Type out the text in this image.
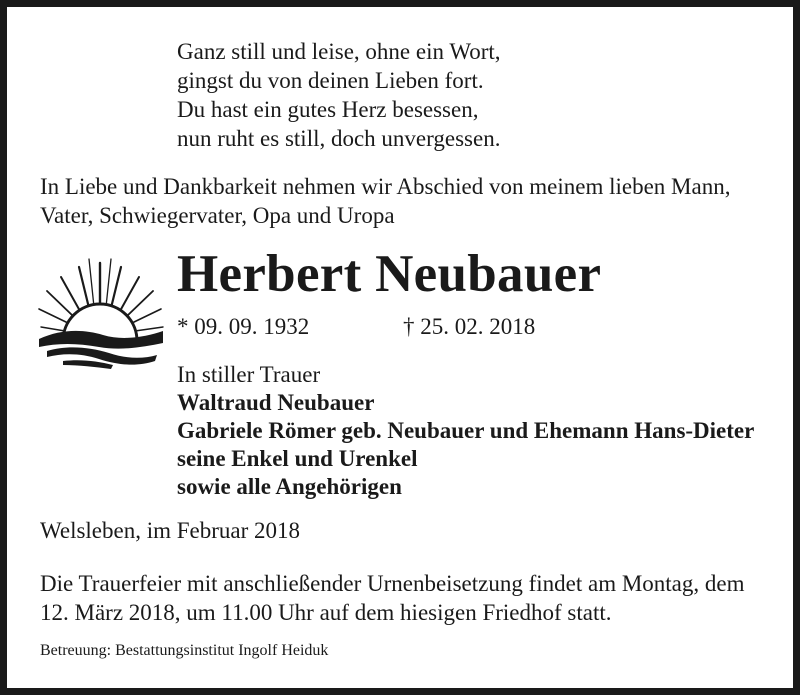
Ganz still und leise, ohne ein Wort,
gingst du von deinen Lieben fort.
Du hast ein gutes Herz besessen,
nun ruht es still, doch unvergessen.
In Liebe und Dankbarkeit nehmen wir Abschied von meinem lieben Mann,
Vater, Schwiegervater, Opa und Uropa
Herbert Neubauer
* 09. 09. 1932	† 25. 02. 2018
In stiller Trauer
Waltraud Neubauer
Gabriele Römer geb. Neubauer und Ehemann Hans-Dieter
seine Enkel und Urenkel
sowie alle Angehörigen
Welsleben, im Februar 2018
Die Trauerfeier mit anschließender Urnenbeisetzung findet am Montag, dem
12. März 2018, um 11.00 Uhr auf dem hiesigen Friedhof statt.
Betreuung: Bestattungsinstitut Ingolf Heiduk
